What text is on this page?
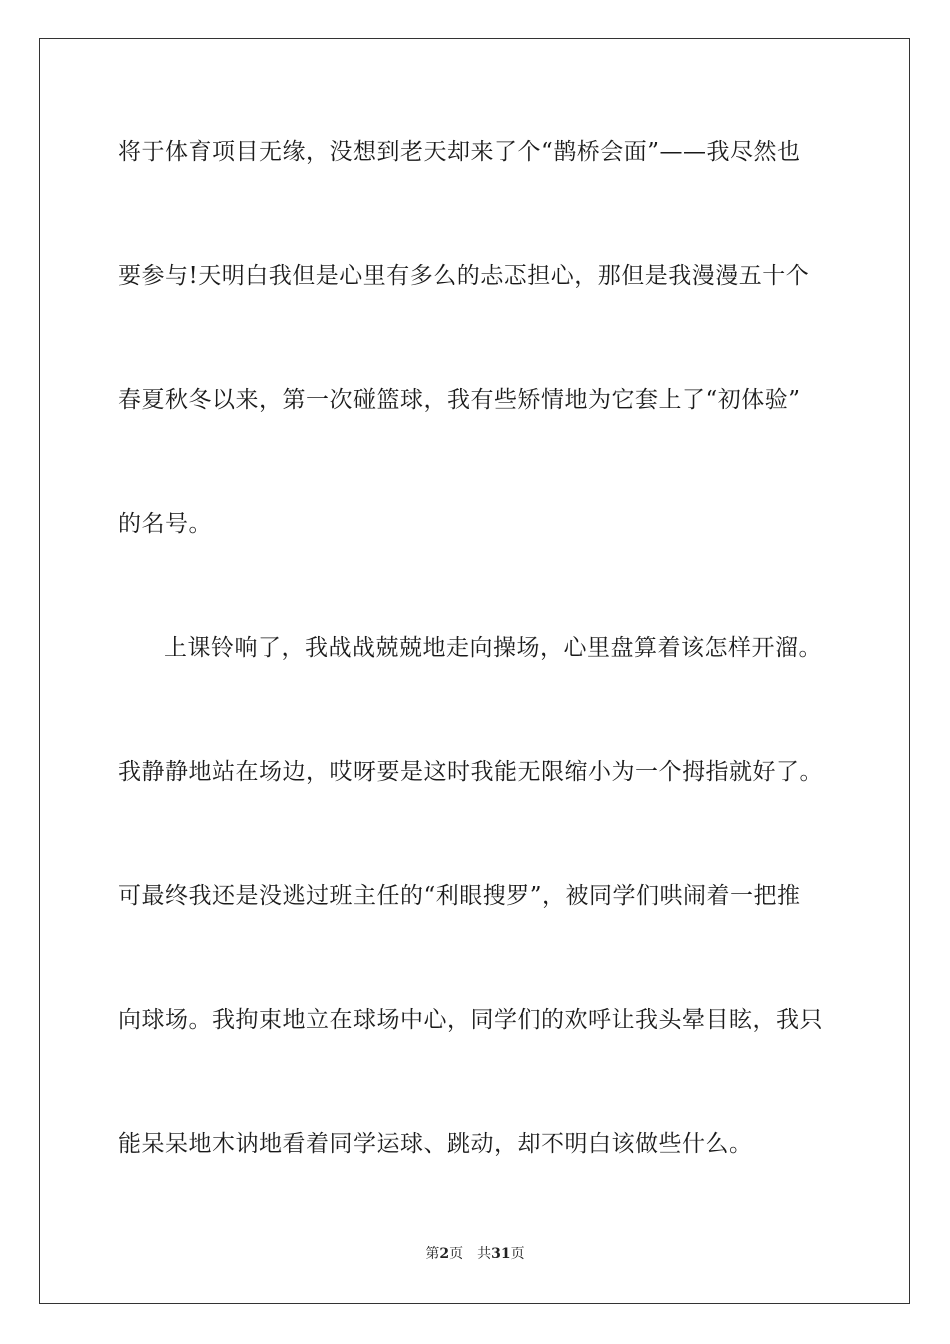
将于体育项目无缘，没想到老天却来了个“鹊桥会面”——我尽然也
要参与!天明白我但是心里有多么的忐忑担心，那但是我漫漫五十个
春夏秋冬以来，第一次碰篮球，我有些矫情地为它套上了“初体验”
的名号。
上课铃响了，我战战兢兢地走向操场，心里盘算着该怎样开溜。
我静静地站在场边，哎呀要是这时我能无限缩小为一个拇指就好了。
可最终我还是没逃过班主任的“利眼搜罗”，被同学们哄闹着一把推
向球场。我拘束地立在球场中心，同学们的欢呼让我头晕目眩，我只
能呆呆地木讷地看着同学运球、跳动，却不明白该做些什么。
第2页 共31页
